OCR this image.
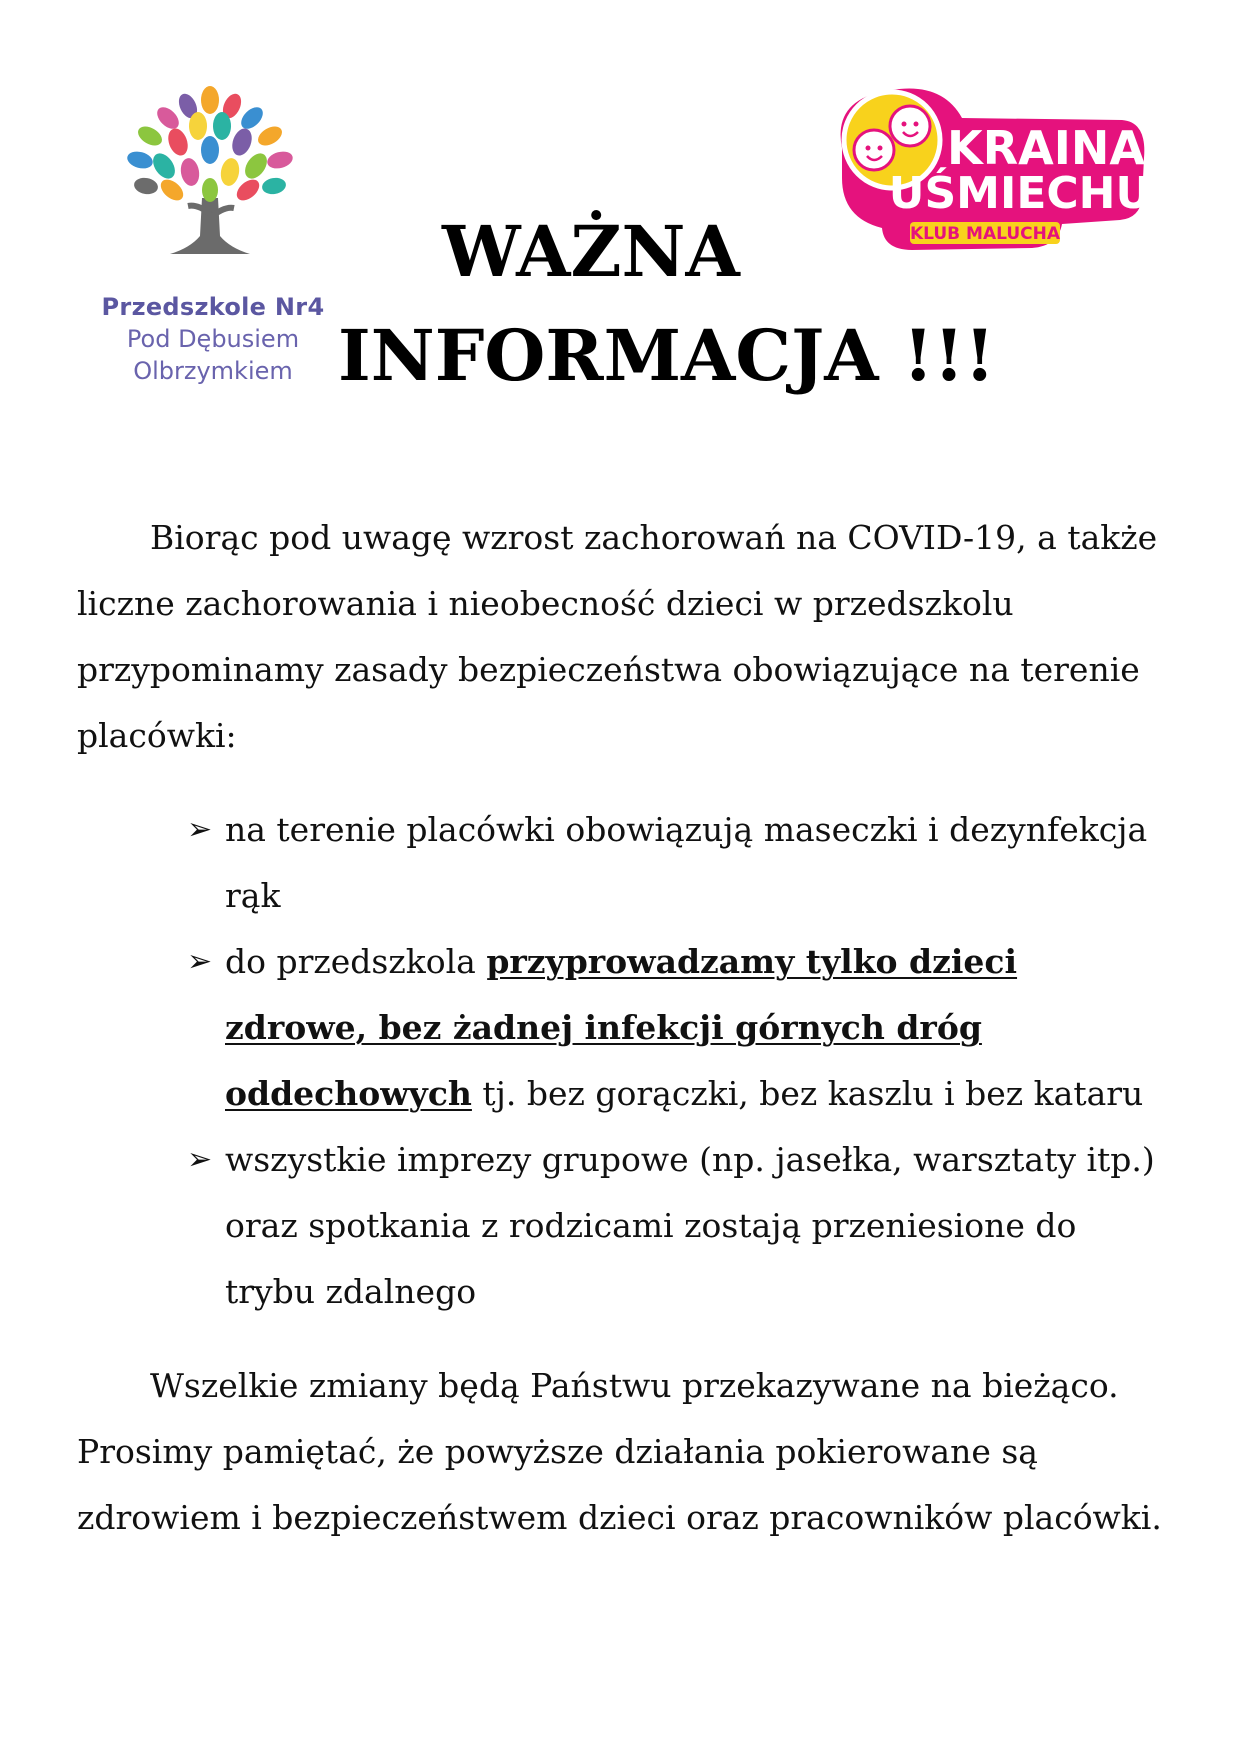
Przedszkole Nr4
Pod Dębusiem
Olbrzymkiem
KRAINA
UŚMIECHU
KLUB MALUCHA
WAŻNA
INFORMACJA !!!

Biorąc pod uwagę wzrost zachorowań na COVID-19, a także liczne zachorowania i nieobecność dzieci w przedszkolu przypominamy zasady bezpieczeństwa obowiązujące na terenie placówki:

➢ na terenie placówki obowiązują maseczki i dezynfekcja rąk
➢ do przedszkola przyprowadzamy tylko dzieci zdrowe, bez żadnej infekcji górnych dróg oddechowych tj. bez gorączki, bez kaszlu i bez kataru
➢ wszystkie imprezy grupowe (np. jasełka, warsztaty itp.) oraz spotkania z rodzicami zostają przeniesione do trybu zdalnego

Wszelkie zmiany będą Państwu przekazywane na bieżąco. Prosimy pamiętać, że powyższe działania pokierowane są zdrowiem i bezpieczeństwem dzieci oraz pracowników placówki.
